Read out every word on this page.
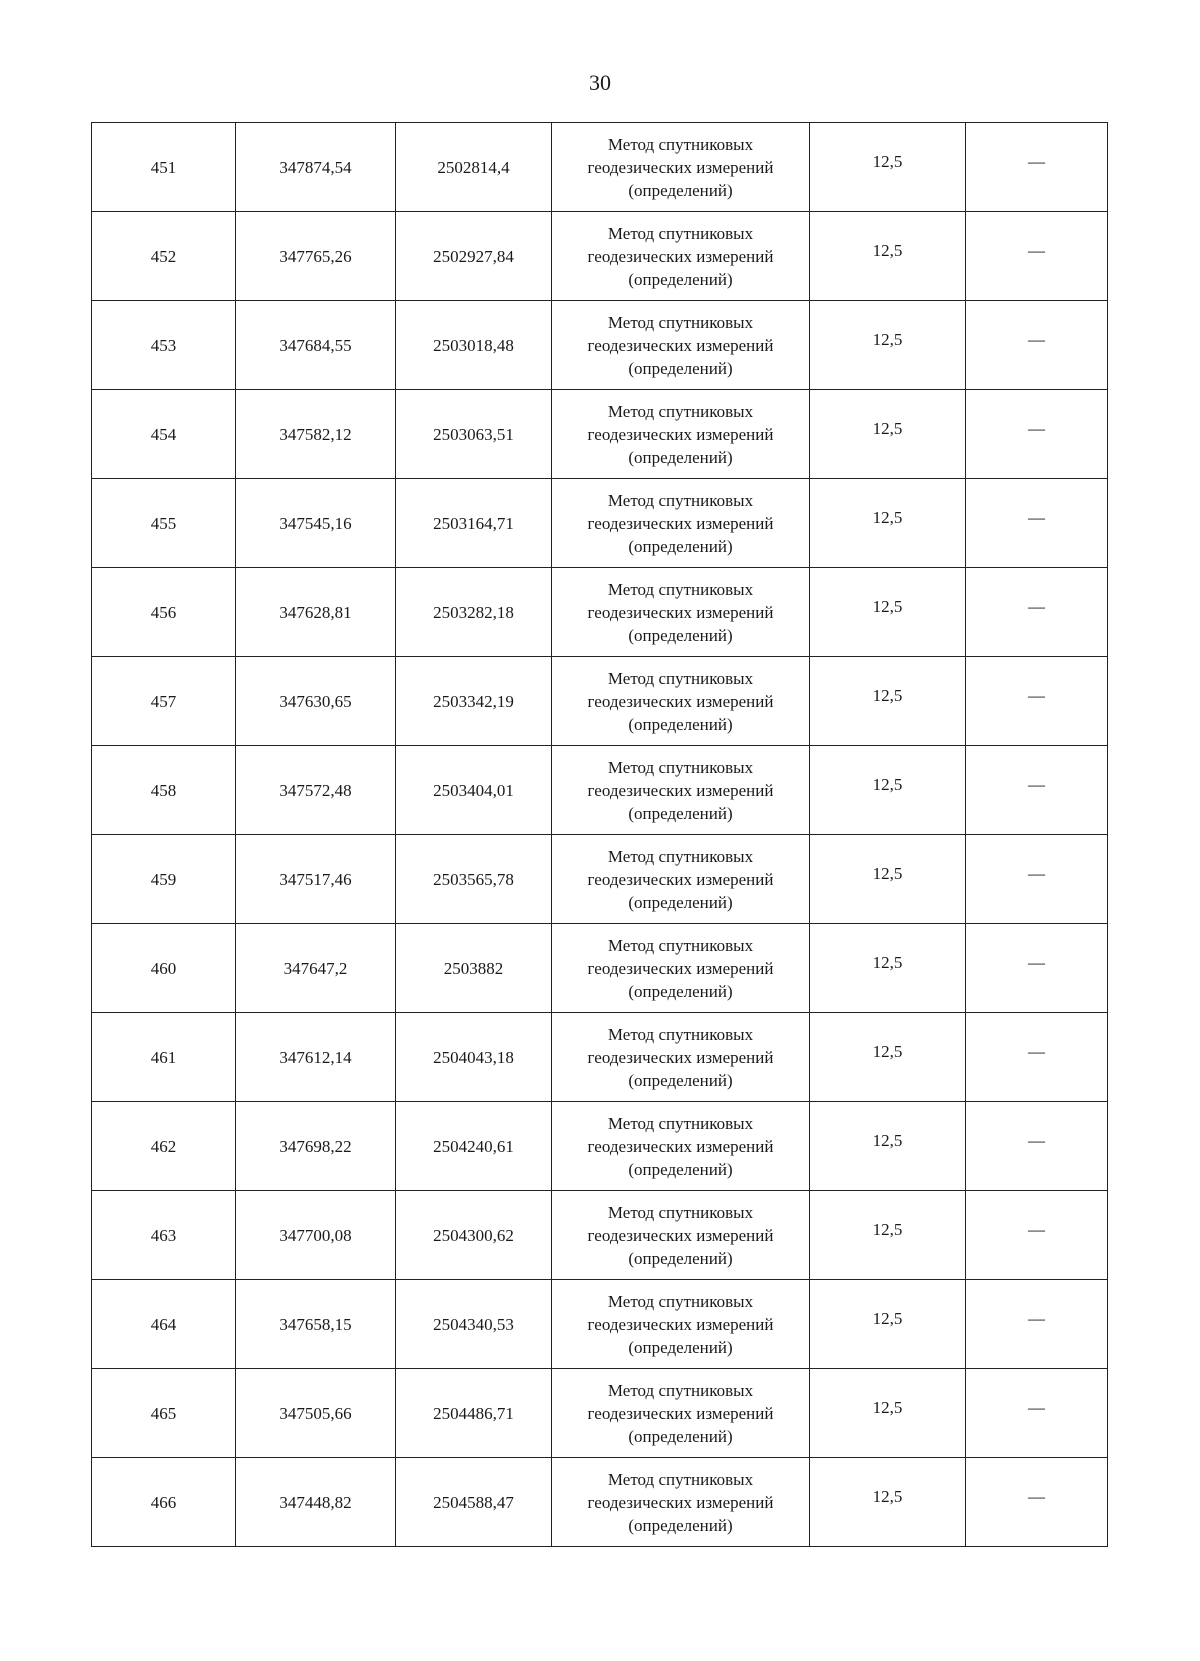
30
451	347874,54	2502814,4	Метод спутниковых
геодезических измерений
(определений)	12,5	—
452	347765,26	2502927,84	Метод спутниковых
геодезических измерений
(определений)	12,5	—
453	347684,55	2503018,48	Метод спутниковых
геодезических измерений
(определений)	12,5	—
454	347582,12	2503063,51	Метод спутниковых
геодезических измерений
(определений)	12,5	—
455	347545,16	2503164,71	Метод спутниковых
геодезических измерений
(определений)	12,5	—
456	347628,81	2503282,18	Метод спутниковых
геодезических измерений
(определений)	12,5	—
457	347630,65	2503342,19	Метод спутниковых
геодезических измерений
(определений)	12,5	—
458	347572,48	2503404,01	Метод спутниковых
геодезических измерений
(определений)	12,5	—
459	347517,46	2503565,78	Метод спутниковых
геодезических измерений
(определений)	12,5	—
460	347647,2	2503882	Метод спутниковых
геодезических измерений
(определений)	12,5	—
461	347612,14	2504043,18	Метод спутниковых
геодезических измерений
(определений)	12,5	—
462	347698,22	2504240,61	Метод спутниковых
геодезических измерений
(определений)	12,5	—
463	347700,08	2504300,62	Метод спутниковых
геодезических измерений
(определений)	12,5	—
464	347658,15	2504340,53	Метод спутниковых
геодезических измерений
(определений)	12,5	—
465	347505,66	2504486,71	Метод спутниковых
геодезических измерений
(определений)	12,5	—
466	347448,82	2504588,47	Метод спутниковых
геодезических измерений
(определений)	12,5	—
